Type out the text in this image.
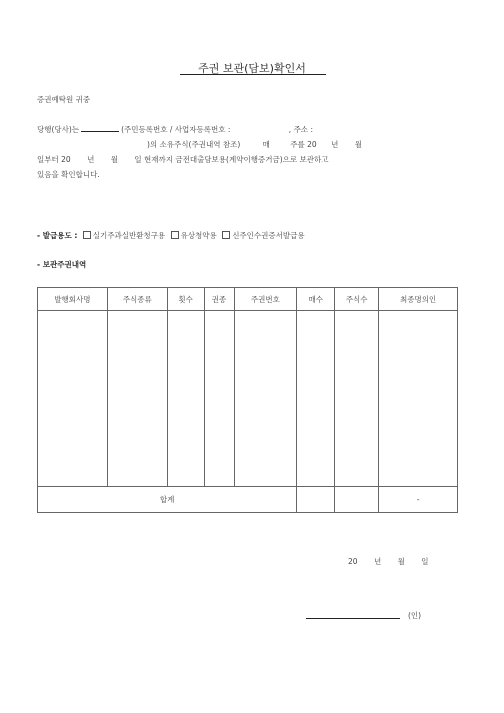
주권 보관(담보)확인서
증권예탁원 귀중
당행(당사)는	(주민등록번호 / 사업자등록번호 :	, 주소 :
)의 소유주식(주권내역 참조)	매	주를 20 년 월
일부터 20 년 월 일 현재까지 금전대출담보용(계약이행증거금)으로 보관하고
있음을 확인합니다.
- 발급용도 : 실기주과실반환청구용 유상청약용 신주인수권증서발급용
- 보관주권내역
발행회사명	주식종류	횟수	권종	주권번호	매수	주식수	최종명의인

합계							-
20 년 월 일
(인)
